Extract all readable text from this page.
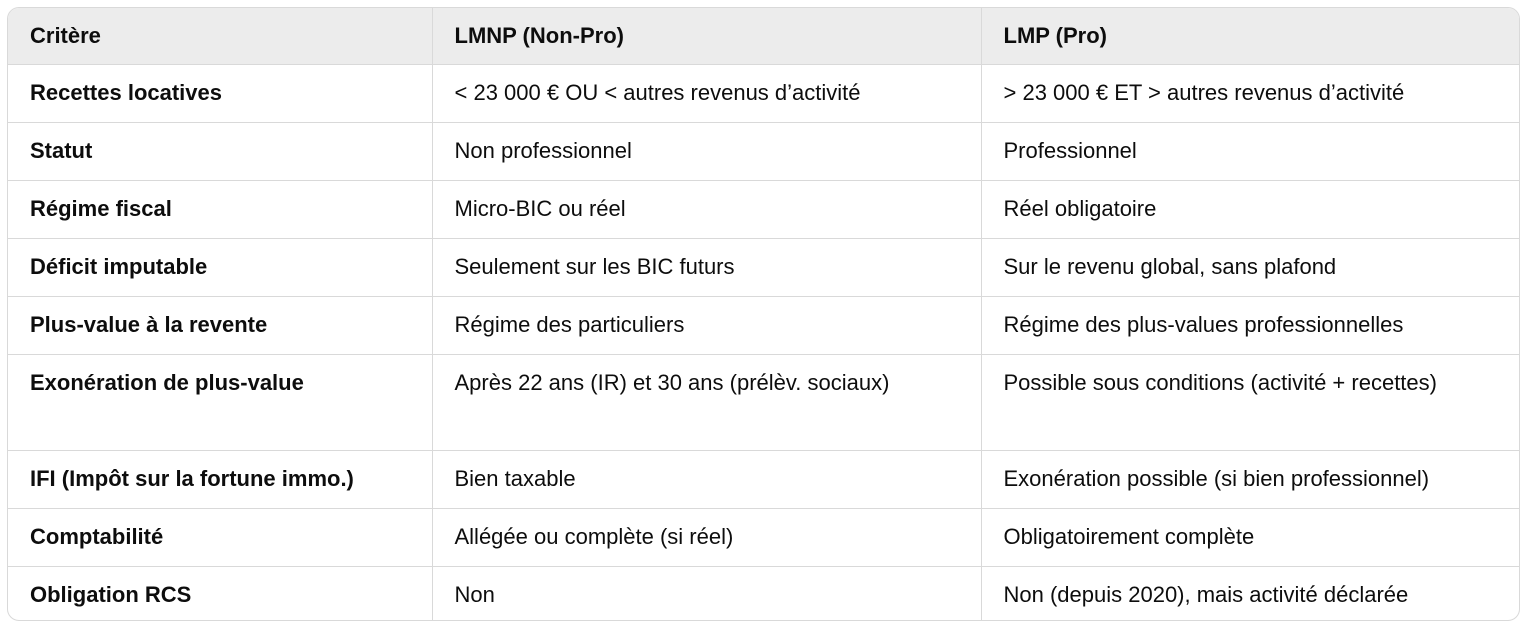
Critère	LMNP (Non-Pro)	LMP (Pro)
Recettes locatives	< 23 000 € OU < autres revenus d’activité	> 23 000 € ET > autres revenus d’activité
Statut	Non professionnel	Professionnel
Régime fiscal	Micro-BIC ou réel	Réel obligatoire
Déficit imputable	Seulement sur les BIC futurs	Sur le revenu global, sans plafond
Plus-value à la revente	Régime des particuliers	Régime des plus-values professionnelles
Exonération de plus-value	Après 22 ans (IR) et 30 ans (prélèv. sociaux)	Possible sous conditions (activité + recettes)
IFI (Impôt sur la fortune immo.)	Bien taxable	Exonération possible (si bien professionnel)
Comptabilité	Allégée ou complète (si réel)	Obligatoirement complète
Obligation RCS	Non	Non (depuis 2020), mais activité déclarée
